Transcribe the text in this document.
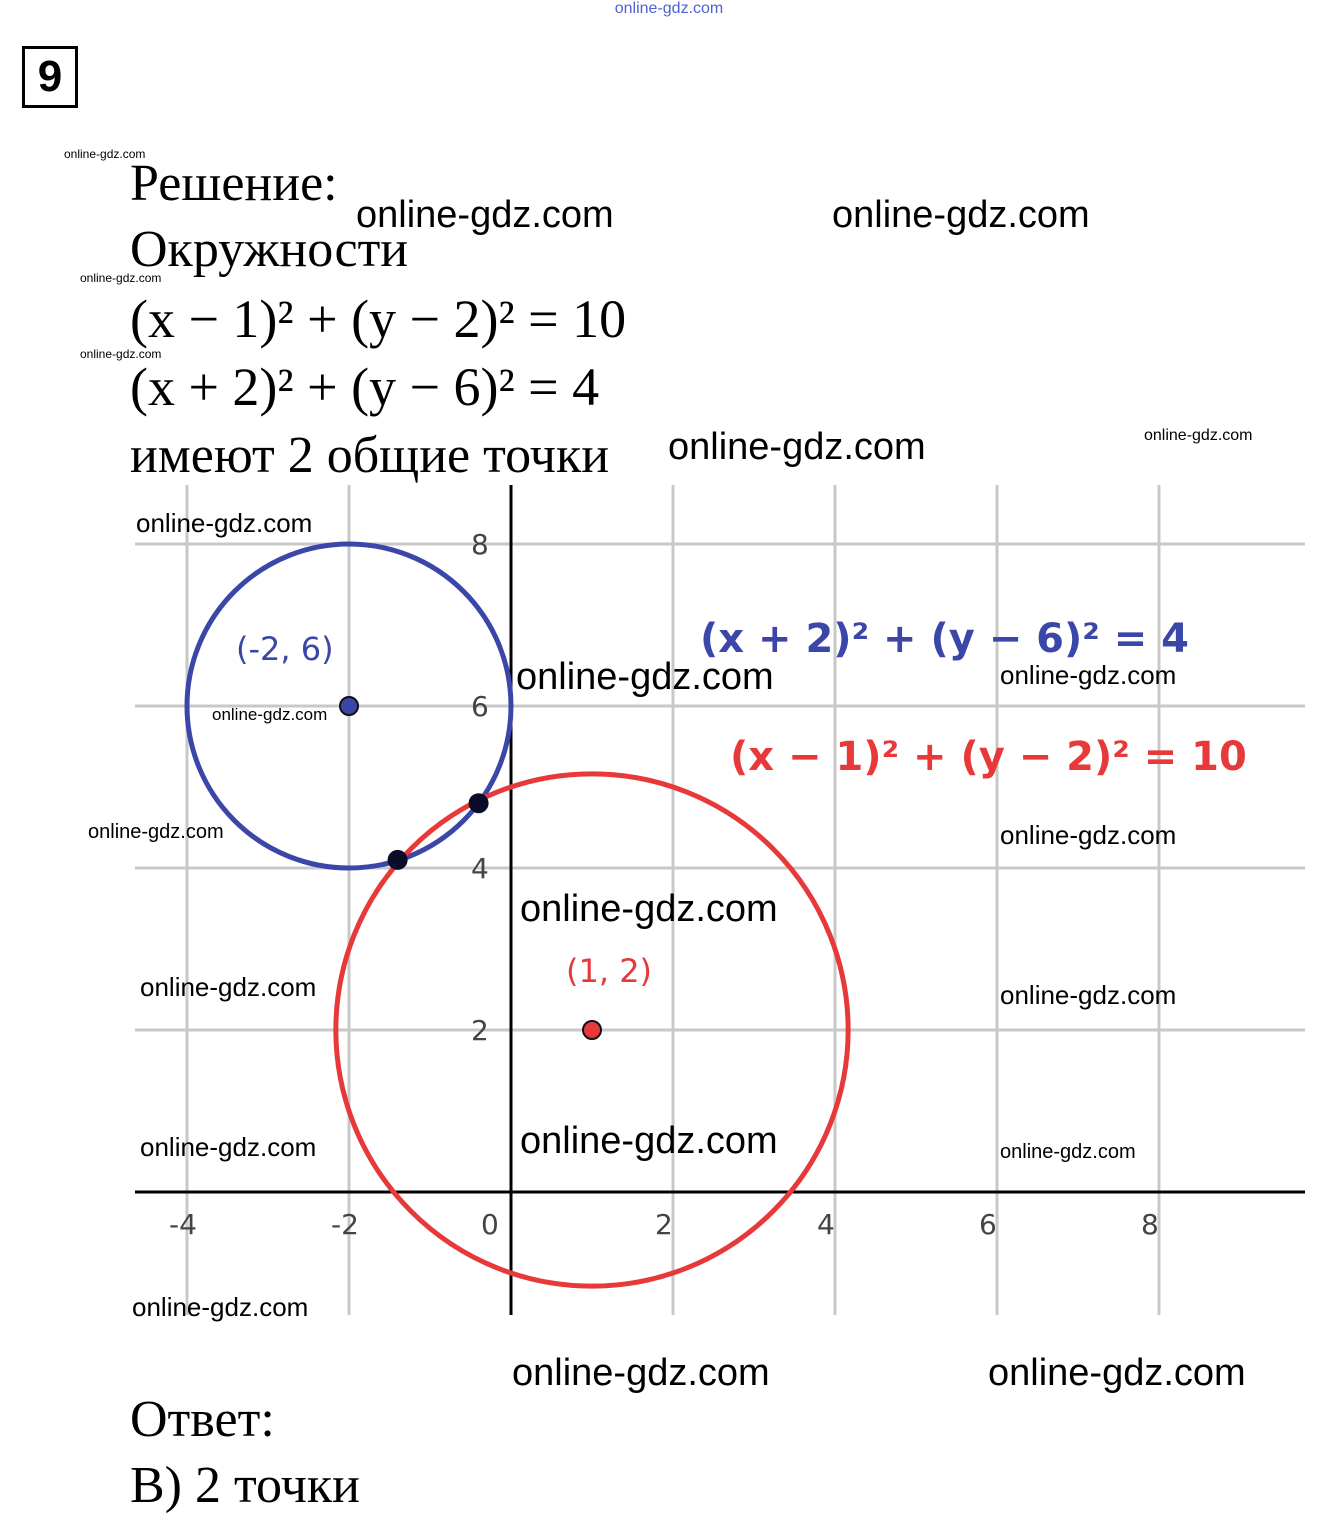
online-gdz.com
9
Решение:
Окружности
(x − 1)² + (y − 2)² = 10
(x + 2)² + (y − 6)² = 4
имеют 2 общие точки
online-gdz.com
online-gdz.com
online-gdz.com
online-gdz.com	online-gdz.com
online-gdz.com	online-gdz.com
-4	-2	0	2	4	6	8
2
4
6
8
(-2, 6)
(1, 2)
(x + 2)² + (y − 6)² = 4
(x − 1)² + (y − 2)² = 10
online-gdz.com
online-gdz.com	online-gdz.com
online-gdz.com
online-gdz.com	online-gdz.com
online-gdz.com
online-gdz.com	online-gdz.com
online-gdz.com
online-gdz.com	online-gdz.com
online-gdz.com
online-gdz.com	online-gdz.com
Ответ:
B) 2 точки
